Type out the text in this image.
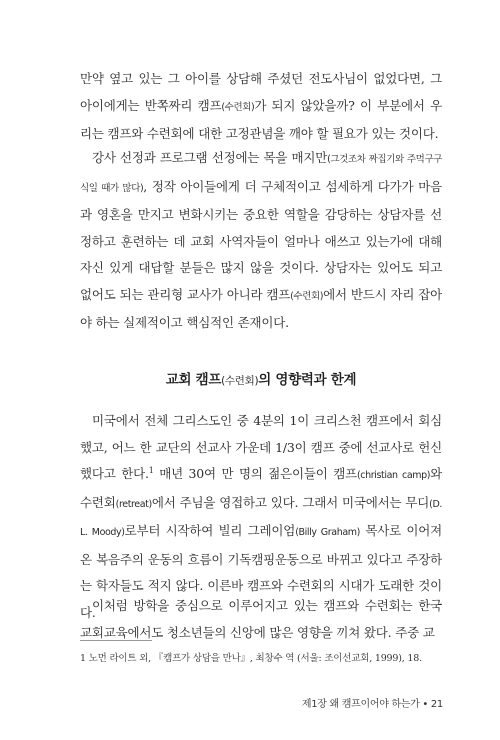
만약 옆고 있는 그 아이를 상담해 주셨던 전도사님이 없었다면, 그 아이에게는 반쪽짜리 캠프(수련회)가 되지 않았을까? 이 부분에서 우리는 캠프와 수련회에 대한 고정관념을 깨야 할 필요가 있는 것이다.

강사 선정과 프로그램 선정에는 목을 매지만(그것조차 짜집기와 주먹구구식일 때가 많다), 정작 아이들에게 더 구체적이고 섬세하게 다가가 마음과 영혼을 만지고 변화시키는 중요한 역할을 감당하는 상담자를 선정하고 훈련하는 데 교회 사역자들이 얼마나 애쓰고 있는가에 대해 자신 있게 대답할 분들은 많지 않을 것이다. 상담자는 있어도 되고 없어도 되는 관리형 교사가 아니라 캠프(수련회)에서 반드시 자리 잡아야 하는 실제적이고 핵심적인 존재이다.

교회 캠프(수련회)의 영향력과 한계

미국에서 전체 그리스도인 중 4분의 1이 크리스천 캠프에서 회심했고, 어느 한 교단의 선교사 가운데 1/3이 캠프 중에 선교사로 헌신했다고 한다.$^1$ 매년 30여 만 명의 젊은이들이 캠프(christian camp)와 수련회(retreat)에서 주님을 영접하고 있다. 그래서 미국에서는 무디(D. L. Moody)로부터 시작하여 빌리 그레이엄(Billy Graham) 목사로 이어져 온 복음주의 운동의 흐름이 기독캠핑운동으로 바뀌고 있다고 주장하는 학자들도 적지 않다. 이른바 캠프와 수련회의 시대가 도래한 것이다.

이처럼 방학을 중심으로 이루어지고 있는 캠프와 수련회는 한국 교회교육에서도 청소년들의 신앙에 많은 영향을 끼쳐 왔다. 주중 교

1 노먼 라이트 외, 『캠프가 상담을 만나』, 최창수 역 (서울: 조이선교회, 1999), 18.

제1장 왜 캠프이어야 하는가 • 21
